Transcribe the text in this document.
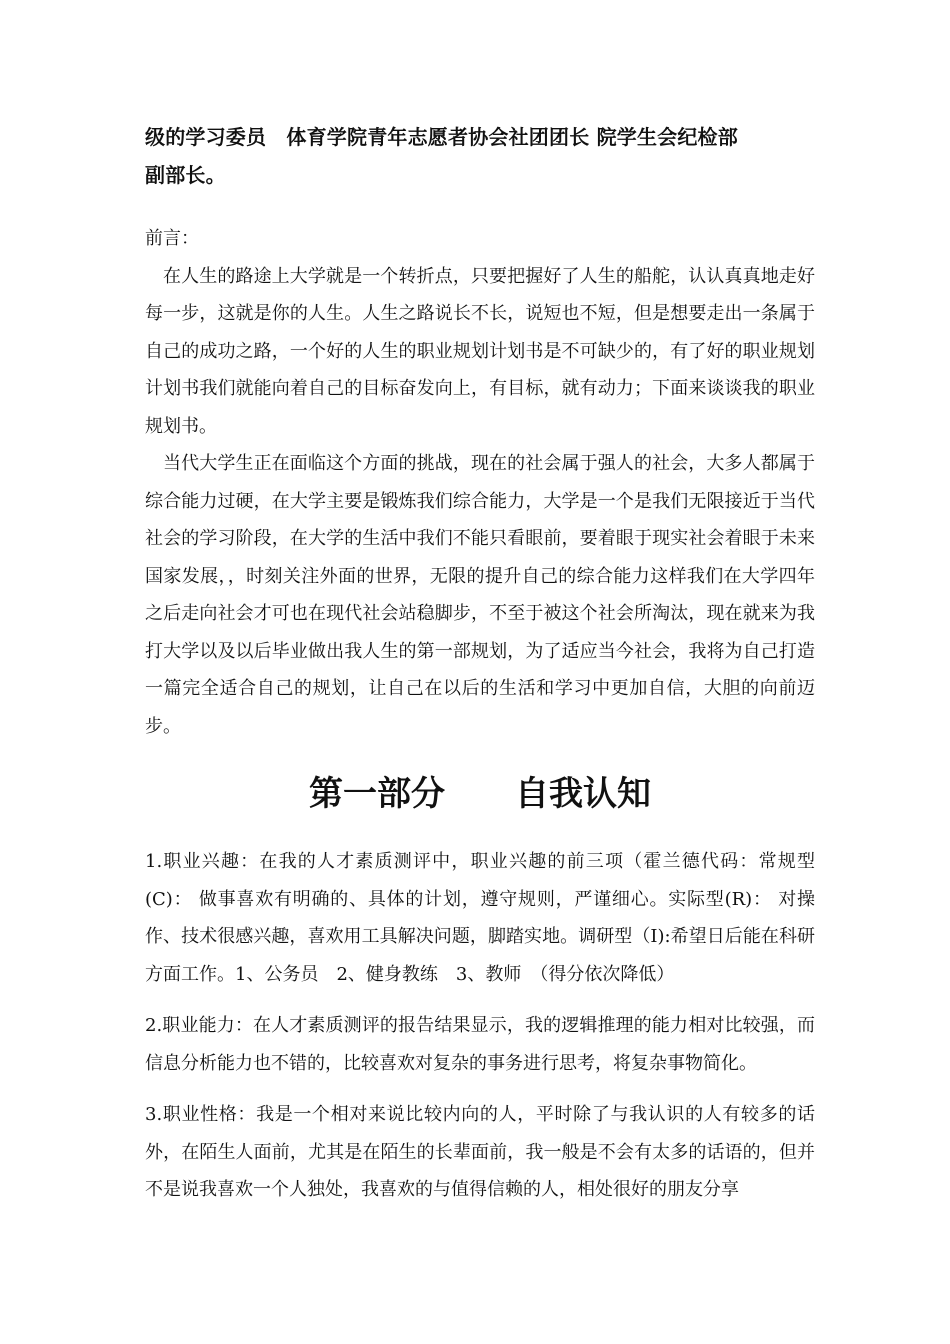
级的学习委员　体育学院青年志愿者协会社团团长 院学生会纪检部

副部长。

前言：

在人生的路途上大学就是一个转折点，只要把握好了人生的船舵，认认真真地走好每一步，这就是你的人生。人生之路说长不长，说短也不短，但是想要走出一条属于自己的成功之路，一个好的人生的职业规划计划书是不可缺少的，有了好的职业规划计划书我们就能向着自己的目标奋发向上，有目标，就有动力；下面来谈谈我的职业规划书。

当代大学生正在面临这个方面的挑战，现在的社会属于强人的社会，大多人都属于综合能力过硬，在大学主要是锻炼我们综合能力，大学是一个是我们无限接近于当代社会的学习阶段，在大学的生活中我们不能只看眼前，要着眼于现实社会着眼于未来国家发展，，时刻关注外面的世界，无限的提升自己的综合能力这样我们在大学四年之后走向社会才可也在现代社会站稳脚步，不至于被这个社会所淘汰，现在就来为我打大学以及以后毕业做出我人生的第一部规划，为了适应当今社会，我将为自己打造一篇完全适合自己的规划，让自己在以后的生活和学习中更加自信，大胆的向前迈步。

第一部分 自我认知

1.职业兴趣：在我的人才素质测评中，职业兴趣的前三项（霍兰德代码：常规型(C)： 做事喜欢有明确的、具体的计划，遵守规则，严谨细心。实际型(R)： 对操作、技术很感兴趣，喜欢用工具解决问题，脚踏实地。调研型（I):希望日后能在科研方面工作。1、公务员　2、健身教练　3、教师　（得分依次降低）

2.职业能力：在人才素质测评的报告结果显示，我的逻辑推理的能力相对比较强，而信息分析能力也不错的，比较喜欢对复杂的事务进行思考，将复杂事物简化。

3.职业性格：我是一个相对来说比较内向的人，平时除了与我认识的人有较多的话外，在陌生人面前，尤其是在陌生的长辈面前，我一般是不会有太多的话语的，但并不是说我喜欢一个人独处，我喜欢的与值得信赖的人，相处很好的朋友分享
